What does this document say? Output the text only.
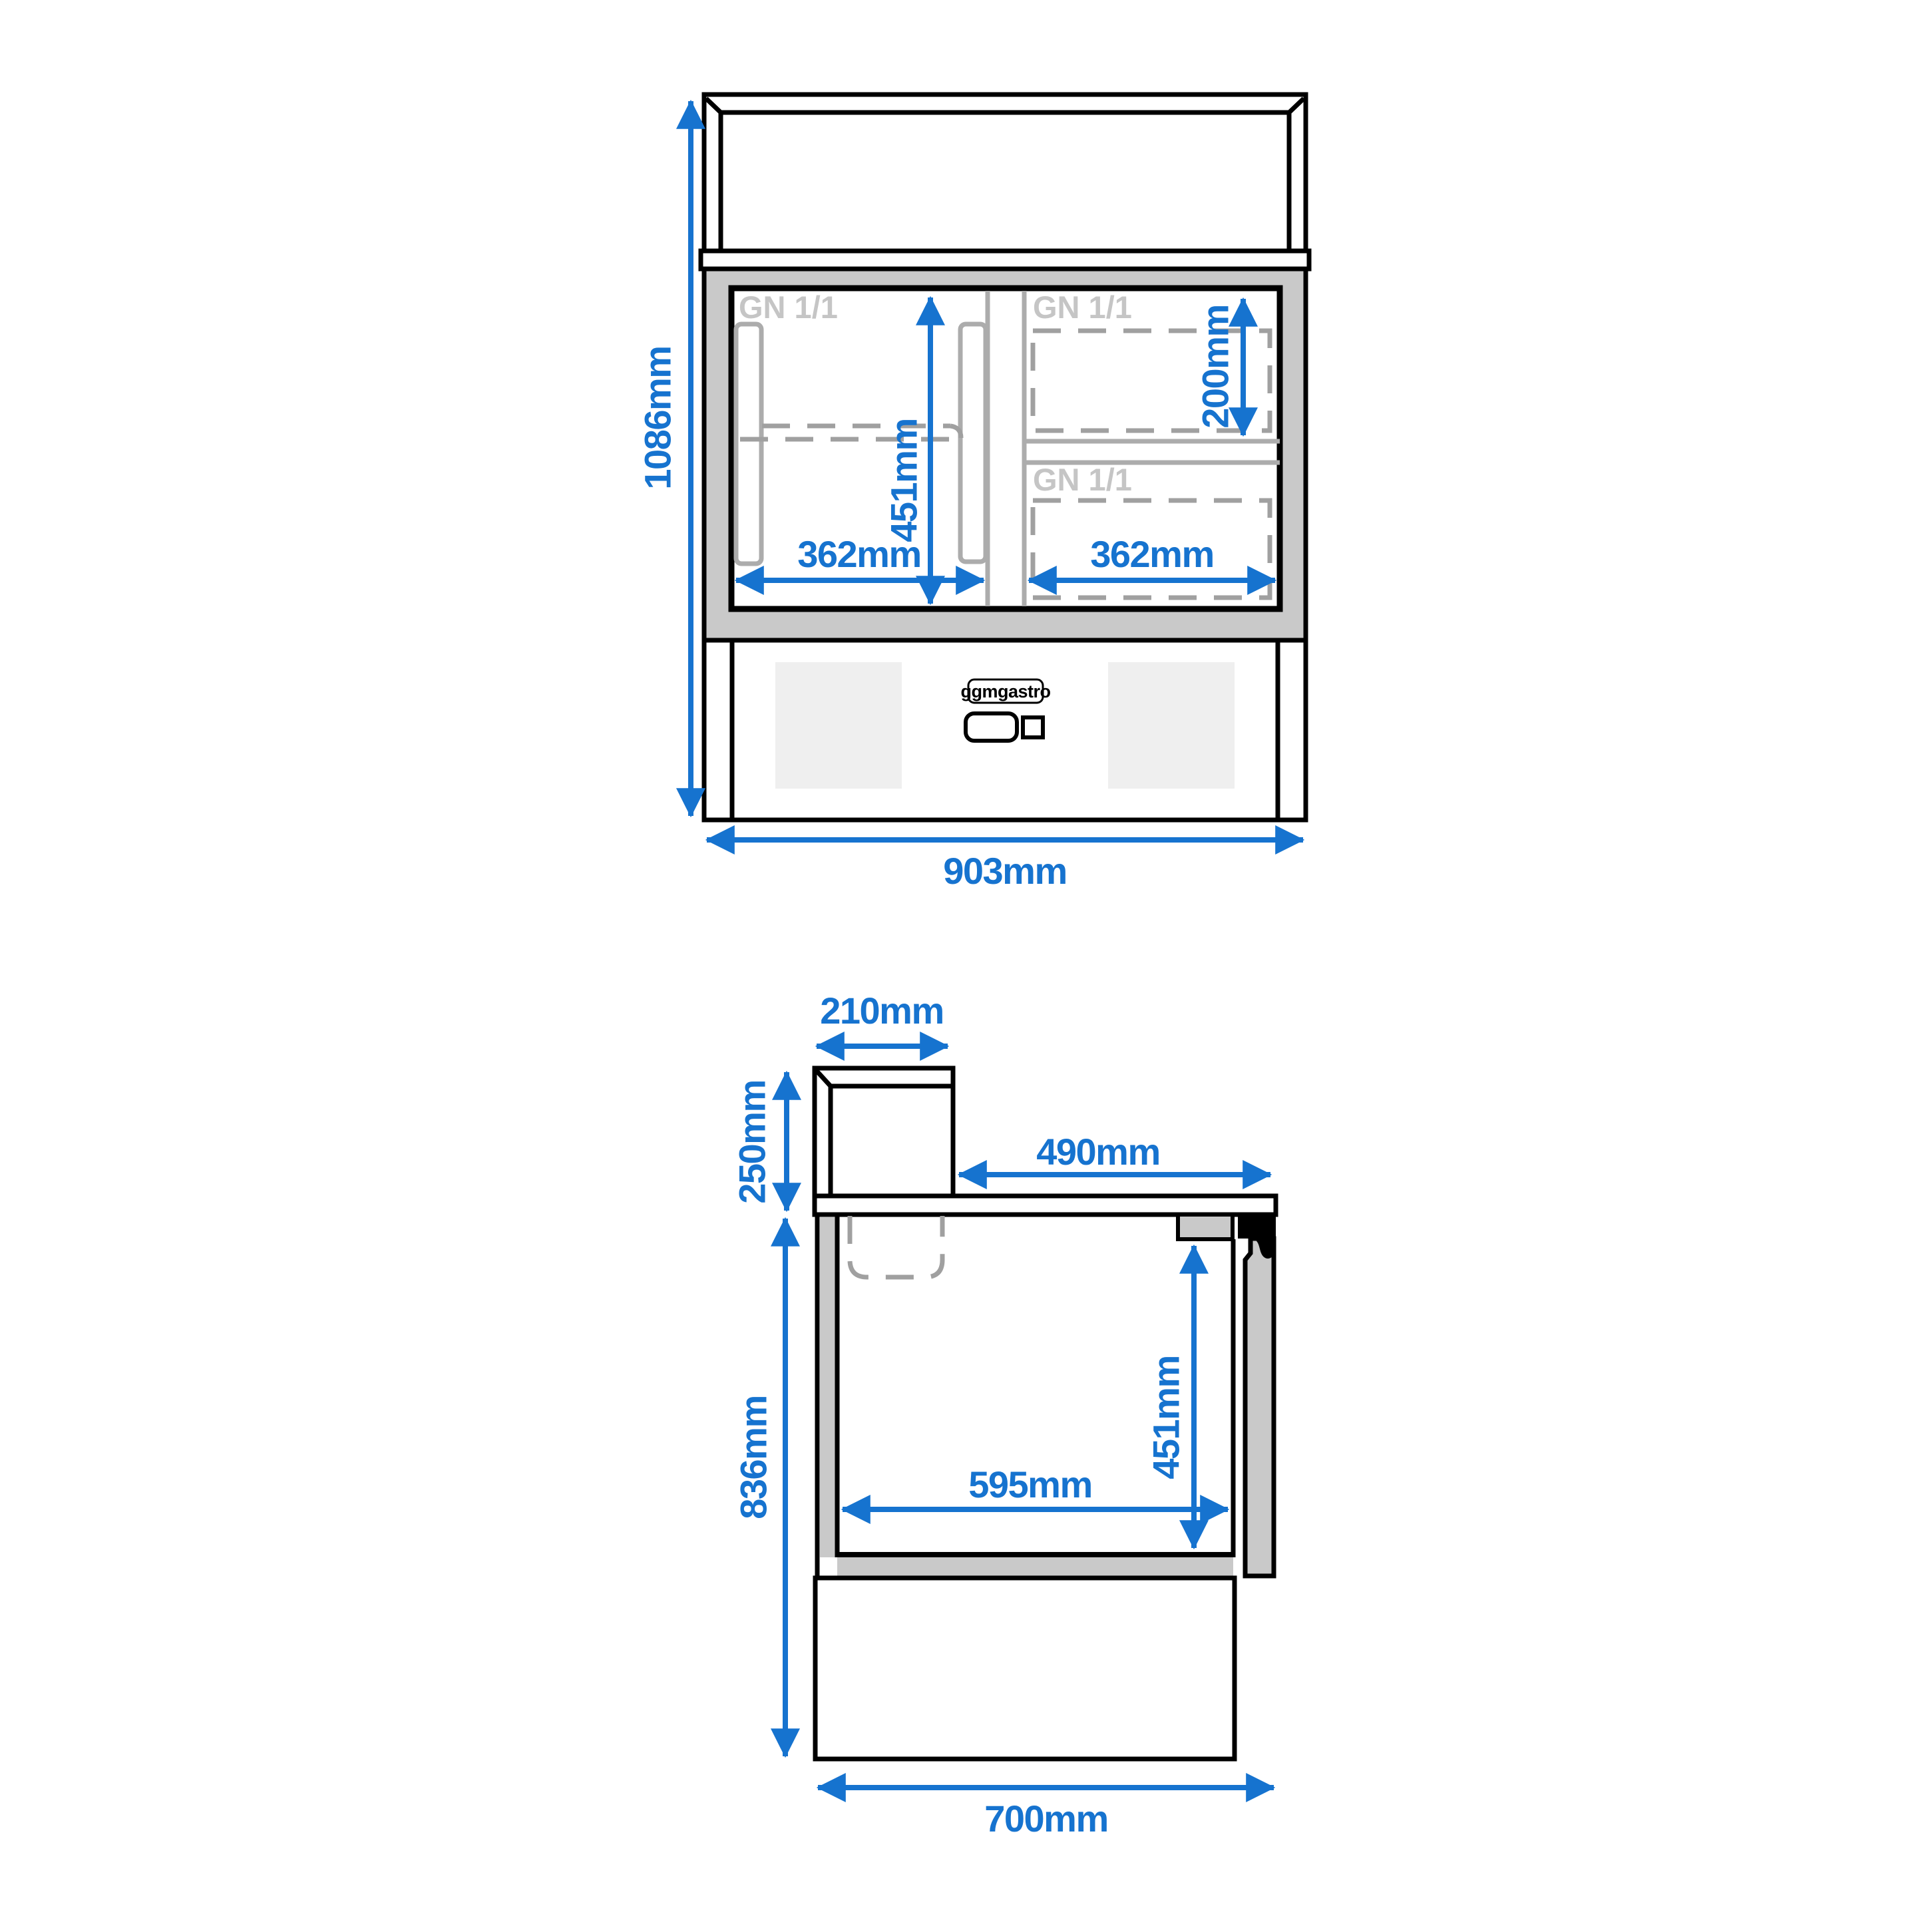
GN 1/1	GN 1/1
GN 1/1
451mm
200mm
362mm	362mm
ggmgastro
1086mm
903mm
210mm
250mm	490mm
451mm
595mm
836mm
700mm
